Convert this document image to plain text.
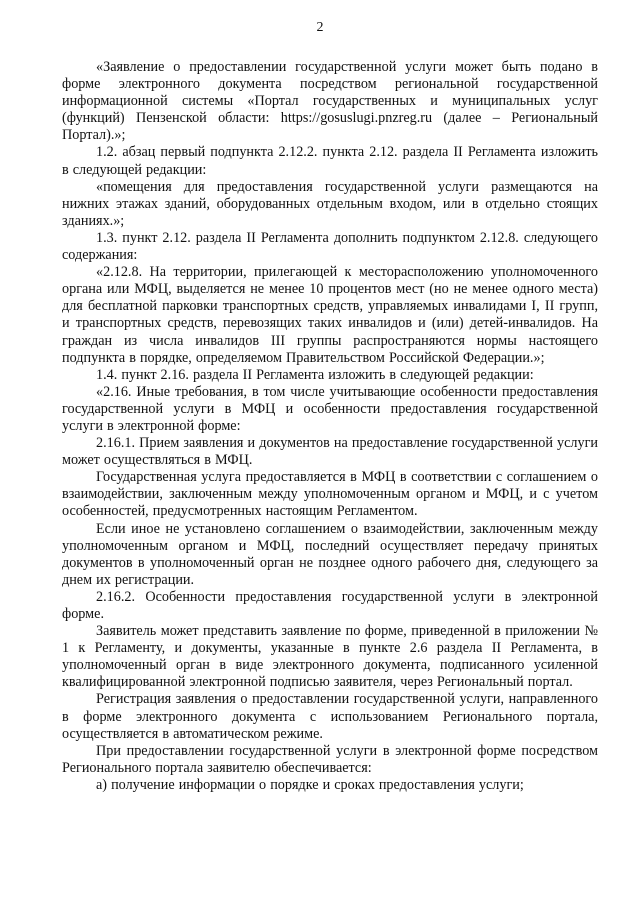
2

«Заявление о предоставлении государственной услуги может быть подано в форме электронного документа посредством региональной государственной информационной системы «Портал государственных и муниципальных услуг (функций) Пензенской области: https://gosuslugi.pnzreg.ru (далее – Региональный Портал).»;

1.2. абзац первый подпункта 2.12.2. пункта 2.12. раздела II Регламента изложить в следующей редакции:

«помещения для предоставления государственной услуги размещаются на нижних этажах зданий, оборудованных отдельным входом, или в отдельно стоящих зданиях.»;

1.3. пункт 2.12. раздела II Регламента дополнить подпунктом 2.12.8. следующего содержания:

«2.12.8. На территории, прилегающей к месторасположению уполномоченного органа или МФЦ, выделяется не менее 10 процентов мест (но не менее одного места) для бесплатной парковки транспортных средств, управляемых инвалидами I, II групп, и транспортных средств, перевозящих таких инвалидов и (или) детей-инвалидов. На граждан из числа инвалидов III группы распространяются нормы настоящего подпункта в порядке, определяемом Правительством Российской Федерации.»;

1.4. пункт 2.16. раздела II Регламента изложить в следующей редакции:

«2.16. Иные требования, в том числе учитывающие особенности предоставления государственной услуги в МФЦ и особенности предоставления государственной услуги в электронной форме:

2.16.1. Прием заявления и документов на предоставление государственной услуги может осуществляться в МФЦ.

Государственная услуга предоставляется в МФЦ в соответствии с соглашением о взаимодействии, заключенным между уполномоченным органом и МФЦ, и с учетом особенностей, предусмотренных настоящим Регламентом.

Если иное не установлено соглашением о взаимодействии, заключенным между уполномоченным органом и МФЦ, последний осуществляет передачу принятых документов в уполномоченный орган не позднее одного рабочего дня, следующего за днем их регистрации.

2.16.2. Особенности предоставления государственной услуги в электронной форме.

Заявитель может представить заявление по форме, приведенной в приложении № 1 к Регламенту, и документы, указанные в пункте 2.6 раздела II Регламента, в уполномоченный орган в виде электронного документа, подписанного усиленной квалифицированной электронной подписью заявителя, через Региональный портал.

Регистрация заявления о предоставлении государственной услуги, направленного в форме электронного документа с использованием Регионального портала, осуществляется в автоматическом режиме.

При предоставлении государственной услуги в электронной форме посредством Регионального портала заявителю обеспечивается:

а) получение информации о порядке и сроках предоставления услуги;
